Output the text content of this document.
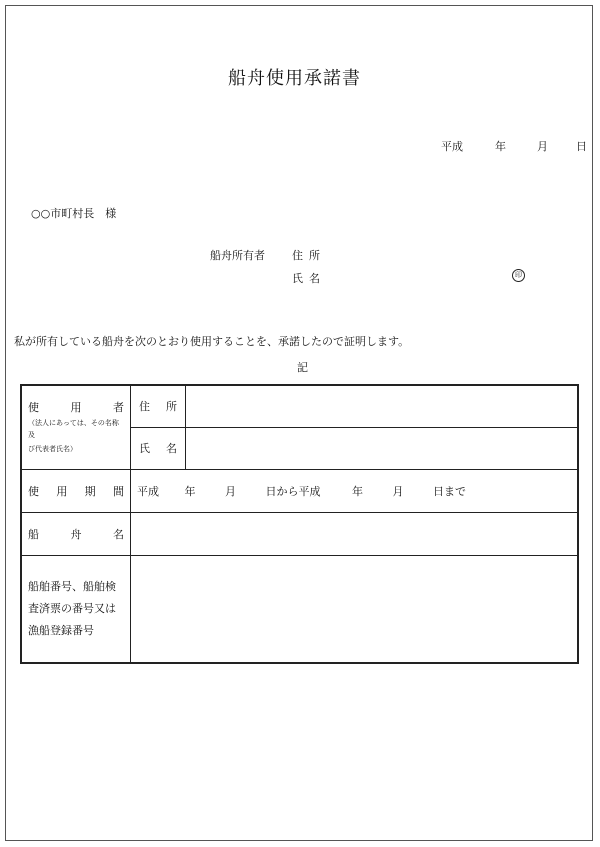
船舟使用承諾書
平成	年	月	日
○○市町村長　様
船舟所有者 住所
氏名	印
私が所有している船舟を次のとおり使用することを、承諾したので証明します。
記
使 用 者
（法人にあっては、その名称及
び代表者氏名）	住 所	

	氏 名	

使 用 期 間	平成 年 月 日から平成 年 月 日まで	

船 舟 名		

船舶番号、船舶検査済票の番号又は漁船登録番号		
